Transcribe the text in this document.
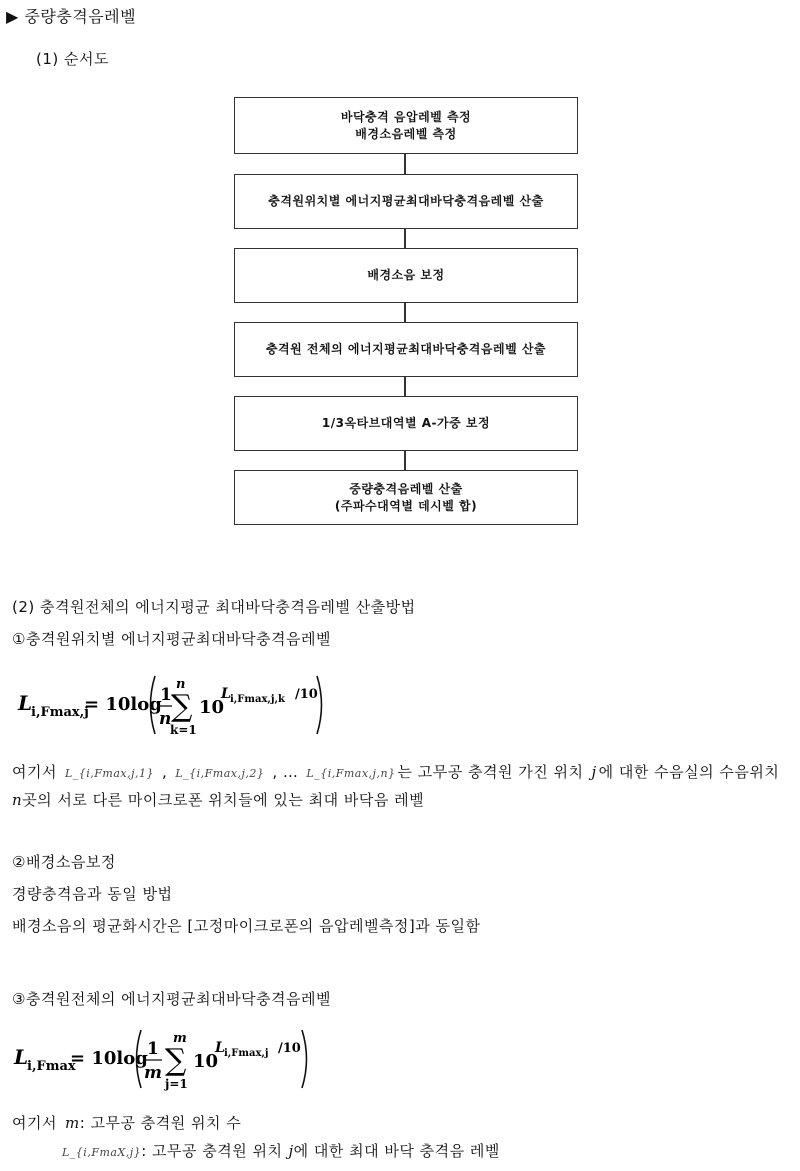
▶ 중량충격음레벨
(1) 순서도
바닥충격 음압레벨 측정
배경소음레벨 측정
충격원위치별 에너지평균최대바닥충격음레벨 산출
배경소음 보정
충격원 전체의 에너지평균최대바닥충격음레벨 산출
1/3옥타브대역별 A-가중 보정
중량충격음레벨 산출
(주파수대역별 데시벨 합)
(2) 충격원전체의 에너지평균 최대바닥충격음레벨 산출방법
①충격원위치별 에너지평균최대바닥충격음레벨
L
i,Fmax,j
= 10log
1
n
n
∑
k=1
10
L i,Fmax,j,k /10
여기서 L_{i,Fmax,j,1} , L_{i,Fmax,j,2} , … L_{i,Fmax,j,n} 는 고무공 충격원 가진 위치 j 에 대한 수음실의 수음위치
n 곳의 서로 다른 마이크로폰 위치들에 있는 최대 바닥음 레벨
②배경소음보정
경량충격음과 동일 방법
배경소음의 평균화시간은 [고정마이크로폰의 음압레벨측정]과 동일함
③충격원전체의 에너지평균최대바닥충격음레벨
L
i,Fmax
= 10log 1
m
m
∑
j=1
10
L i,Fmax,j /10
여기서 m : 고무공 충격원 위치 수
L_{i,FmaX,j} : 고무공 충격원 위치 j 에 대한 최대 바닥 충격음 레벨
